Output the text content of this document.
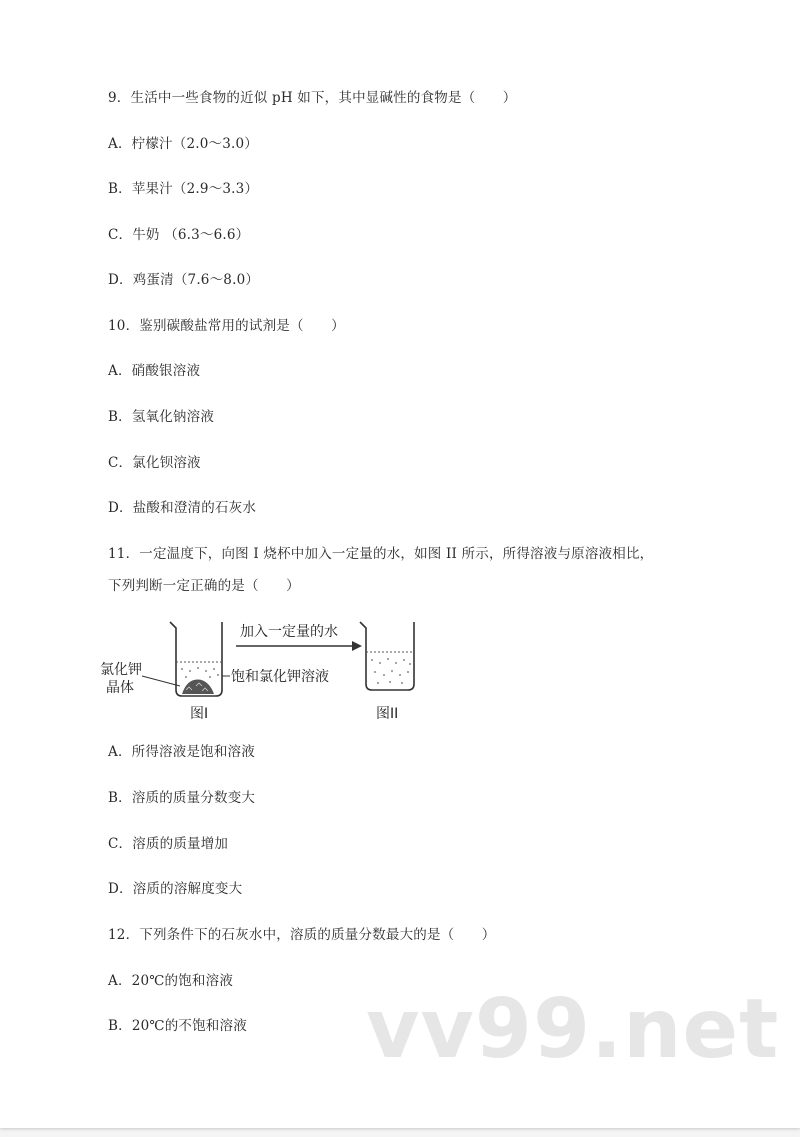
9．生活中一些食物的近似 pH 如下，其中显碱性的食物是（　　）
A．柠檬汁（2.0～3.0）
B．苹果汁（2.9～3.3）
C．牛奶 （6.3～6.6）
D．鸡蛋清（7.6～8.0）
10．鉴别碳酸盐常用的试剂是（　　）
A．硝酸银溶液
B．氢氧化钠溶液
C．氯化钡溶液
D．盐酸和澄清的石灰水
11．一定温度下，向图 I 烧杯中加入一定量的水，如图 II 所示，所得溶液与原溶液相比，
下列判断一定正确的是（　　）
氯化钾
晶体
饱和氯化钾溶液
图I
加入一定量的水
图II
A．所得溶液是饱和溶液
B．溶质的质量分数变大
C．溶质的质量增加
D．溶质的溶解度变大
12．下列条件下的石灰水中，溶质的质量分数最大的是（　　）
A．20℃的饱和溶液
B．20℃的不饱和溶液 vv99.net
